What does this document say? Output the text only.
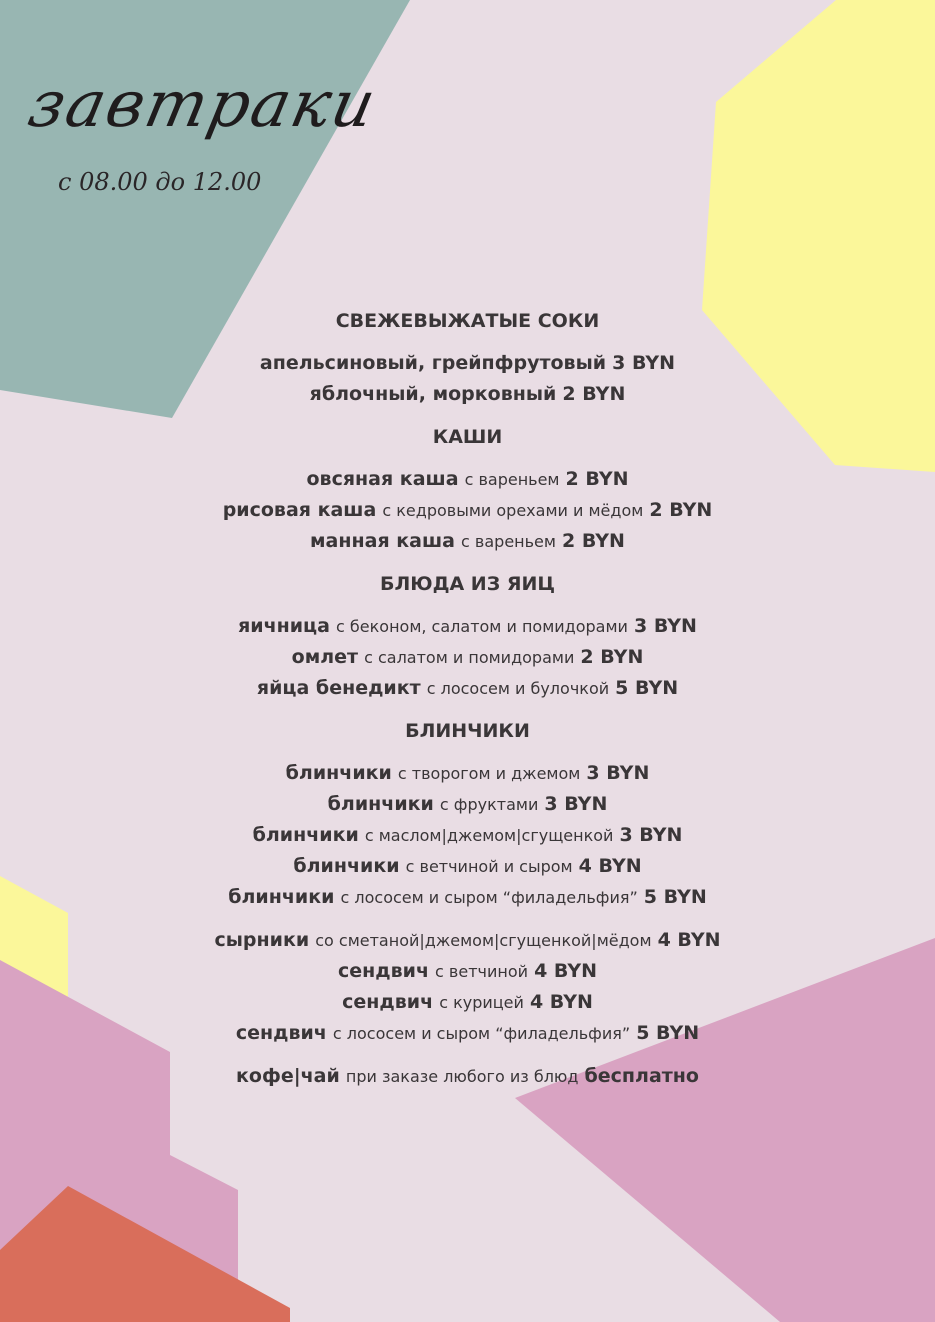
завтраки
с 08.00 до 12.00
СВЕЖЕВЫЖАТЫЕ СОКИ
апельсиновый, грейпфрутовый 3 BYN
яблочный, морковный 2 BYN
КАШИ
овсяная каша с вареньем 2 BYN
рисовая каша с кедровыми орехами и мёдом 2 BYN
манная каша с вареньем 2 BYN
БЛЮДА ИЗ ЯИЦ
яичница с беконом, салатом и помидорами 3 BYN
омлет с салатом и помидорами 2 BYN
яйца бенедикт с лососем и булочкой 5 BYN
БЛИНЧИКИ
блинчики с творогом и джемом 3 BYN
блинчики с фруктами 3 BYN
блинчики с маслом|джемом|сгущенкой 3 BYN
блинчики с ветчиной и сыром 4 BYN
блинчики с лососем и сыром “филадельфия” 5 BYN
сырники со сметаной|джемом|сгущенкой|мёдом 4 BYN
сендвич с ветчиной 4 BYN
сендвич с курицей 4 BYN
сендвич с лососем и сыром “филадельфия” 5 BYN
кофе|чай при заказе любого из блюд бесплатно
